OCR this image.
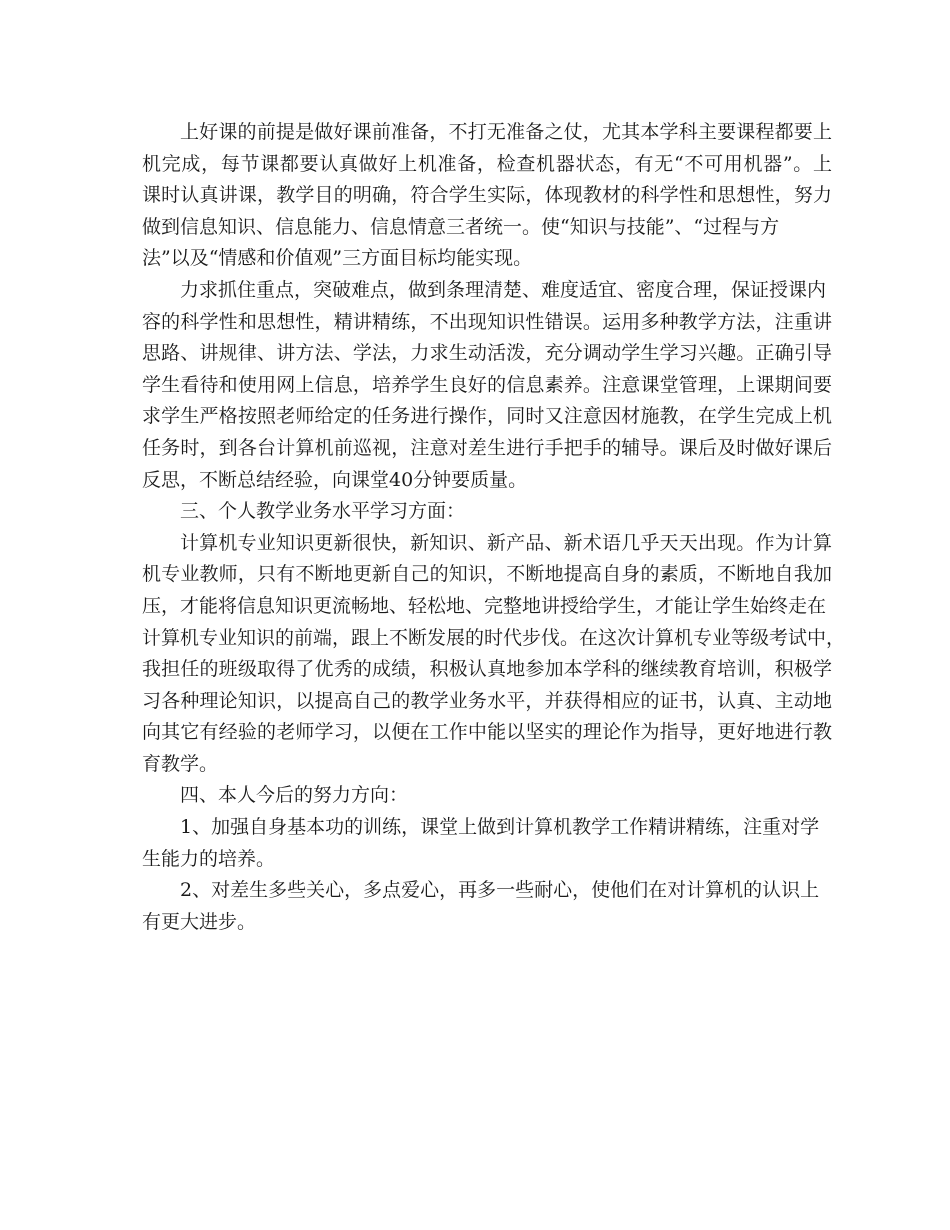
上好课的前提是做好课前准备，不打无准备之仗，尤其本学科主要课程都要上
机完成，每节课都要认真做好上机准备，检查机器状态，有无“不可用机器”。上
课时认真讲课，教学目的明确，符合学生实际，体现教材的科学性和思想性，努力
做到信息知识、信息能力、信息情意三者统一。使“知识与技能”、“过程与方
法”以及“情感和价值观”三方面目标均能实现。
力求抓住重点，突破难点，做到条理清楚、难度适宜、密度合理，保证授课内
容的科学性和思想性，精讲精练，不出现知识性错误。运用多种教学方法，注重讲
思路、讲规律、讲方法、学法，力求生动活泼，充分调动学生学习兴趣。正确引导
学生看待和使用网上信息，培养学生良好的信息素养。注意课堂管理，上课期间要
求学生严格按照老师给定的任务进行操作，同时又注意因材施教，在学生完成上机
任务时，到各台计算机前巡视，注意对差生进行手把手的辅导。课后及时做好课后
反思，不断总结经验，向课堂40分钟要质量。
三、个人教学业务水平学习方面：
计算机专业知识更新很快，新知识、新产品、新术语几乎天天出现。作为计算
机专业教师，只有不断地更新自己的知识，不断地提高自身的素质，不断地自我加
压，才能将信息知识更流畅地、轻松地、完整地讲授给学生，才能让学生始终走在
计算机专业知识的前端，跟上不断发展的时代步伐。在这次计算机专业等级考试中，
我担任的班级取得了优秀的成绩，积极认真地参加本学科的继续教育培训，积极学
习各种理论知识，以提高自己的教学业务水平，并获得相应的证书，认真、主动地
向其它有经验的老师学习，以便在工作中能以坚实的理论作为指导，更好地进行教
育教学。
四、本人今后的努力方向：
1、加强自身基本功的训练，课堂上做到计算机教学工作精讲精练，注重对学
生能力的培养。
2、对差生多些关心，多点爱心，再多一些耐心，使他们在对计算机的认识上
有更大进步。
